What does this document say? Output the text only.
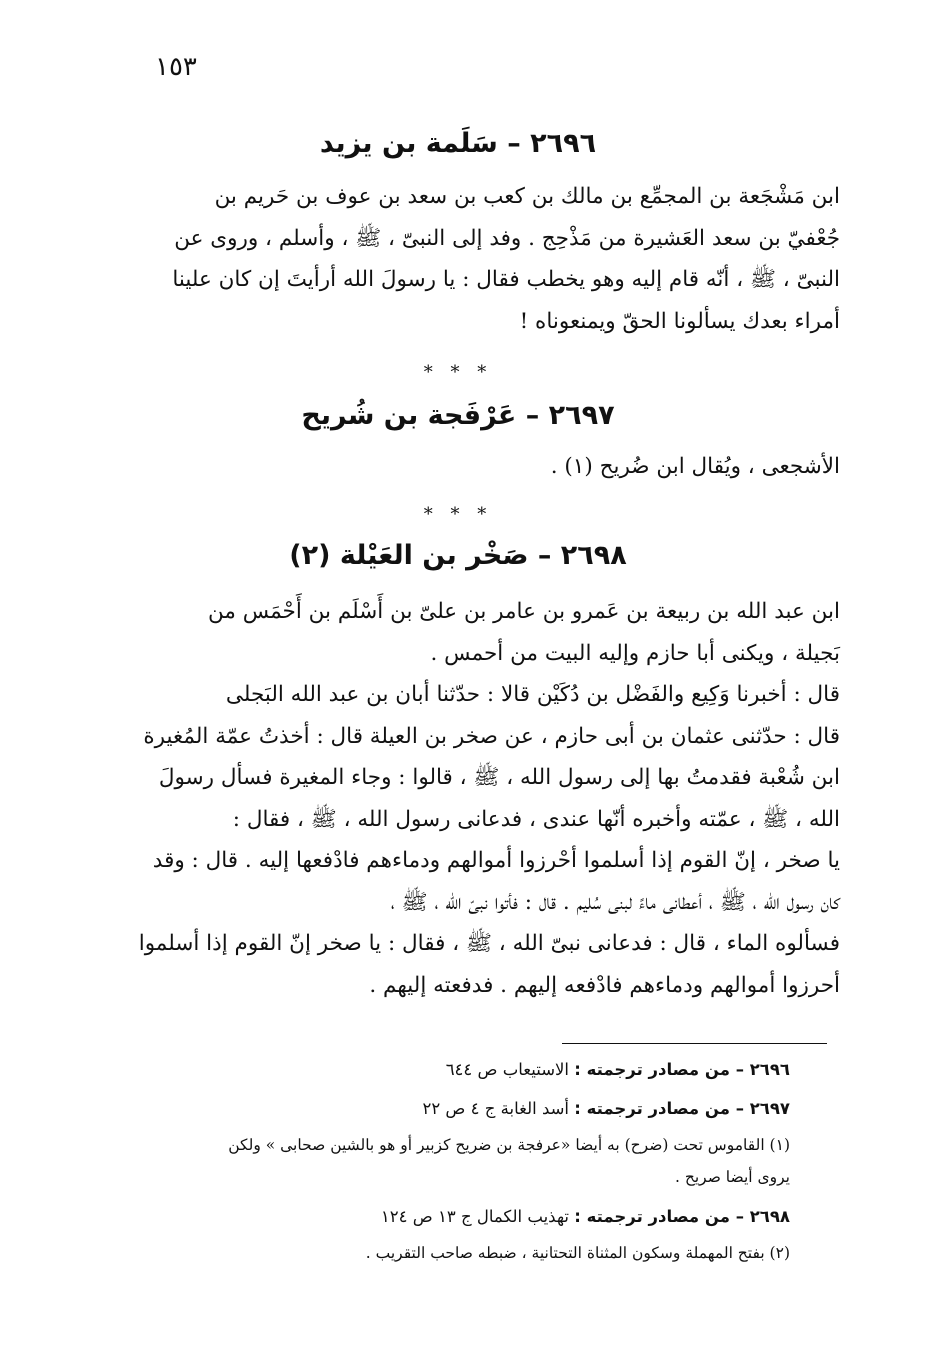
١٥٣
٢٦٩٦ – سَلَمة بن يزيد
ابن مَشْجَعة بن المجمِّع بن مالك بن كعب بن سعد بن عوف بن حَريم بن
جُعْفيّ بن سعد العَشيرة من مَذْحِج . وفد إلى النبىّ ، ﷺ ، وأسلم ، وروى عن
النبىّ ، ﷺ ، أنّه قام إليه وهو يخطب فقال : يا رسولَ الله أرأيتَ إن كان علينا
أمراء بعدك يسألونا الحقّ ويمنعوناه !
* * *
٢٦٩٧ – عَرْفَجة بن شُريح
الأشجعى ، ويُقال ابن ضُريح (١) .
* * *
٢٦٩٨ – صَخْر بن العَيْلة (٢)
ابن عبد الله بن ربيعة بن عَمرو بن عامر بن علىّ بن أَسْلَم بن أَحْمَس من
بَجيلة ، ويكنى أبا حازم وإليه البيت من أحمس .
قال : أخبرنا وَكِيع والفَضْل بن دُكَيْن قالا : حدّثنا أبان بن عبد الله البَجلى
قال : حدّثنى عثمان بن أبى حازم ، عن صخر بن العيلة قال : أخذتُ عمّة المُغيرة
ابن شُعْبة فقدمتُ بها إلى رسول الله ، ﷺ ، قالوا : وجاء المغيرة فسأل رسولَ
الله ، ﷺ ، عمّته وأخبره أنّها عندى ، فدعانى رسول الله ، ﷺ ، فقال :
يا صخر ، إنّ القوم إذا أسلموا أحْرزوا أموالهم ودماءهم فادْفعها إليه . قال : وقد
كان رسول الله ، ﷺ ، أعطانى ماءً لبنى سُليم . قال : فأتوا نبىّ الله ، ﷺ ،
فسألوه الماء ، قال : فدعانى نبىّ الله ، ﷺ ، فقال : يا صخر إنّ القوم إذا أسلموا
أحرزوا أموالهم ودماءهم فادْفعه إليهم . فدفعته إليهم .
٢٦٩٦ – من مصادر ترجمته : الاستيعاب ص ٦٤٤
٢٦٩٧ – من مصادر ترجمته : أسد الغابة ج ٤ ص ٢٢
(١) القاموس تحت (ضرح) به أيضا «عرفجة بن ضريح كزبير أو هو بالشين صحابى » ولكن
يروى أيضا صريح .
٢٦٩٨ – من مصادر ترجمته : تهذيب الكمال ج ١٣ ص ١٢٤
(٢) بفتح المهملة وسكون المثناة التحتانية ، ضبطه صاحب التقريب .
